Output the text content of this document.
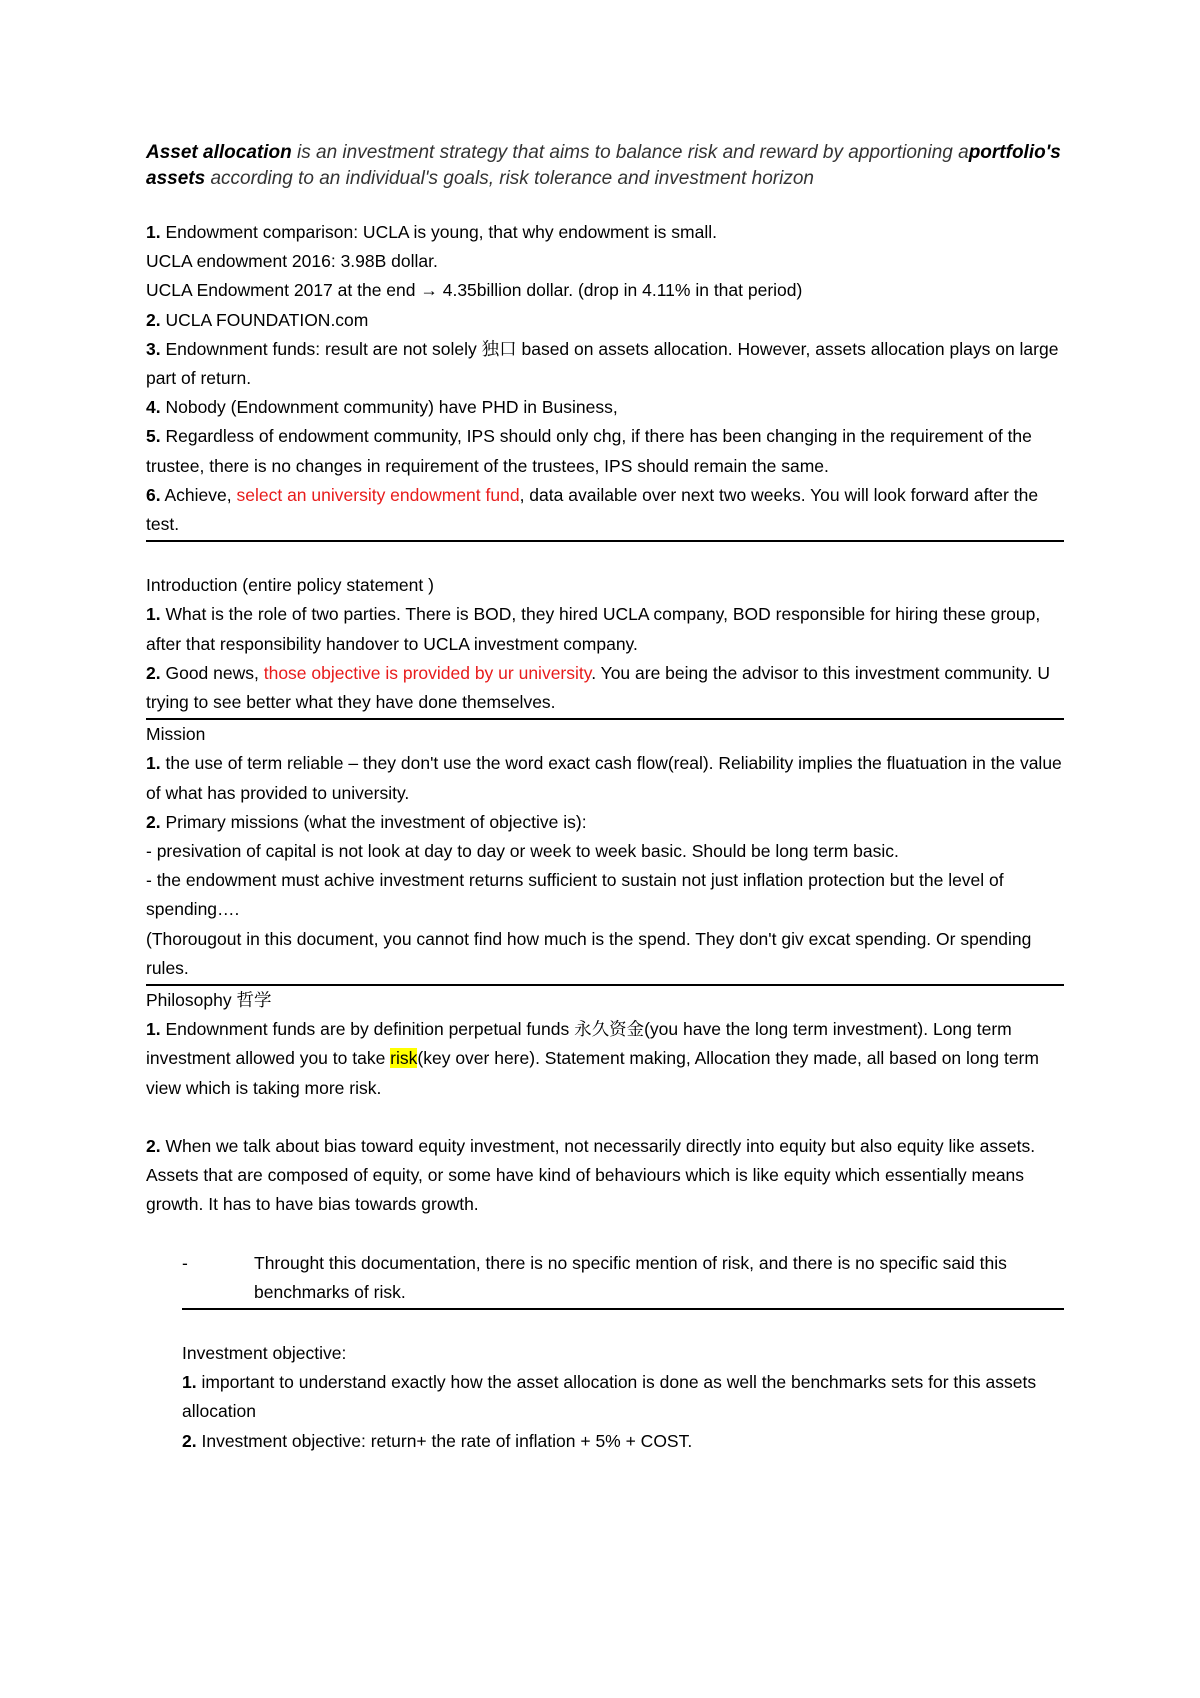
Asset allocation is an investment strategy that aims to balance risk and reward by apportioning aportfolio's assets according to an individual's goals, risk tolerance and investment horizon

1. Endowment comparison: UCLA is young, that why endowment is small.

UCLA endowment 2016: 3.98B dollar.

UCLA Endowment 2017 at the end → 4.35billion dollar. (drop in 4.11% in that period)

2. UCLA FOUNDATION.com

3. Endownment funds: result are not solely 独口 based on assets allocation. However, assets allocation plays on large part of return.

4. Nobody (Endownment community) have PHD in Business,

5. Regardless of endowment community, IPS should only chg, if there has been changing in the requirement of the trustee, there is no changes in requirement of the trustees, IPS should remain the same.

6. Achieve, select an university endowment fund, data available over next two weeks. You will look forward after the test.

Introduction (entire policy statement )

1. What is the role of two parties. There is BOD, they hired UCLA company, BOD responsible for hiring these group, after that responsibility handover to UCLA investment company.

2. Good news, those objective is provided by ur university. You are being the advisor to this investment community. U trying to see better what they have done themselves.

Mission

1. the use of term reliable – they don't use the word exact cash flow(real). Reliability implies the fluatuation in the value of what has provided to university.

2. Primary missions (what the investment of objective is):

- presivation of capital is not look at day to day or week to week basic. Should be long term basic.

- the endowment must achive investment returns sufficient to sustain not just inflation protection but the level of spending….

(Thorougout in this document, you cannot find how much is the spend. They don't giv excat spending. Or spending rules.

Philosophy 哲学

1. Endownment funds are by definition perpetual funds 永久资金(you have the long term investment). Long term investment allowed you to take risk(key over here). Statement making, Allocation they made, all based on long term view which is taking more risk.

2. When we talk about bias toward equity investment, not necessarily directly into equity but also equity like assets. Assets that are composed of equity, or some have kind of behaviours which is like equity which essentially means growth. It has to have bias towards growth.

-	Throught this documentation, there is no specific mention of risk, and there is no specific said this benchmarks of risk.

Investment objective:

1. important to understand exactly how the asset allocation is done as well the benchmarks sets for this assets allocation

2. Investment objective: return+ the rate of inflation + 5% + COST.
